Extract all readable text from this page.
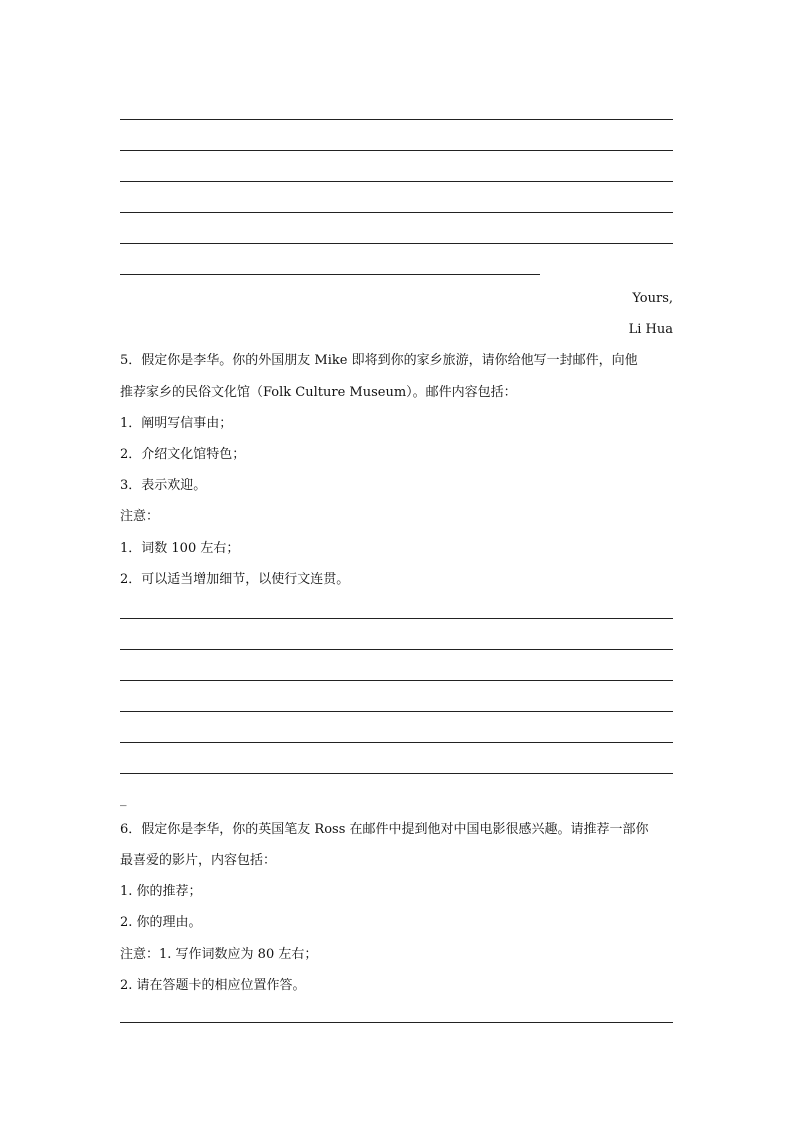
Yours,
Li Hua
5．假定你是李华。你的外国朋友 Mike 即将到你的家乡旅游，请你给他写一封邮件，向他
推荐家乡的民俗文化馆（Folk Culture Museum）。邮件内容包括：
1．阐明写信事由；
2．介绍文化馆特色；
3．表示欢迎。
注意：
1．词数 100 左右；
2．可以适当增加细节，以使行文连贯。
_
6．假定你是李华，你的英国笔友 Ross 在邮件中提到他对中国电影很感兴趣。请推荐一部你
最喜爱的影片，内容包括：
1. 你的推荐；
2. 你的理由。
注意：1. 写作词数应为 80 左右；
2. 请在答题卡的相应位置作答。
